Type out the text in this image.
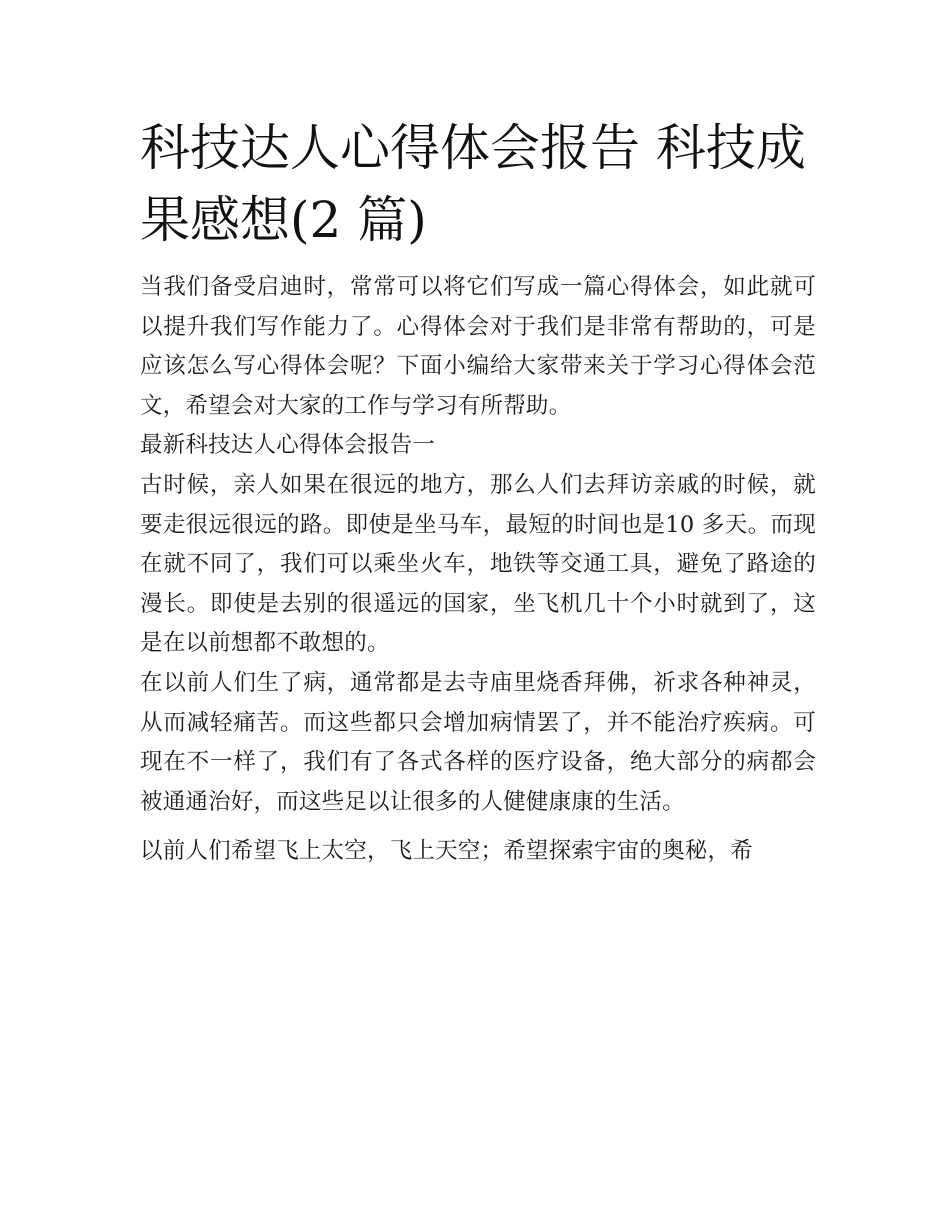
科技达人心得体会报告 科技成果感想(2 篇)

当我们备受启迪时，常常可以将它们写成一篇心得体会，如此就可以提升我们写作能力了。心得体会对于我们是非常有帮助的，可是应该怎么写心得体会呢？下面小编给大家带来关于学习心得体会范文，希望会对大家的工作与学习有所帮助。

最新科技达人心得体会报告一

古时候，亲人如果在很远的地方，那么人们去拜访亲戚的时候，就要走很远很远的路。即使是坐马车，最短的时间也是10 多天。而现在就不同了，我们可以乘坐火车，地铁等交通工具，避免了路途的漫长。即使是去别的很遥远的国家，坐飞机几十个小时就到了，这是在以前想都不敢想的。

在以前人们生了病，通常都是去寺庙里烧香拜佛，祈求各种神灵，从而减轻痛苦。而这些都只会增加病情罢了，并不能治疗疾病。可现在不一样了，我们有了各式各样的医疗设备，绝大部分的病都会被通通治好，而这些足以让很多的人健健康康的生活。

以前人们希望飞上太空，飞上天空；希望探索宇宙的奥秘，希
